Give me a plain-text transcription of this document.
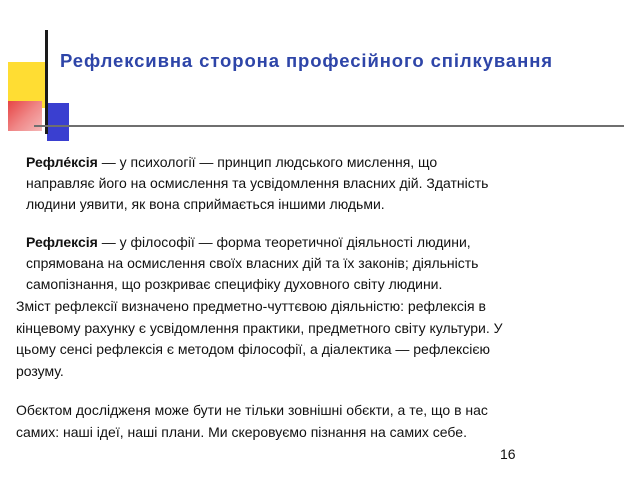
Рефлексивна сторона професійного спілкування

Рефле́ксія — у психології — принцип людського мислення, що
направляє його на осмислення та усвідомлення власних дій. Здатність
людини уявити, як вона сприймається іншими людьми.

Рефлексія — у філософії — форма теоретичної діяльності людини,
спрямована на осмислення своїх власних дій та їх законів; діяльність
самопізнання, що розкриває специфіку духовного світу людини.

Зміст рефлексії визначено предметно-чуттєвою діяльністю: рефлексія в
кінцевому рахунку є усвідомлення практики, предметного світу культури. У
цьому сенсі рефлексія є методом філософії, а діалектика — рефлексією
розуму.

Обєктом дослідженя може бути не тільки зовнішні обєкти, а те, що в нас
самих: наші ідеї, наші плани. Ми скеровуємо пізнання на самих себе.

16
